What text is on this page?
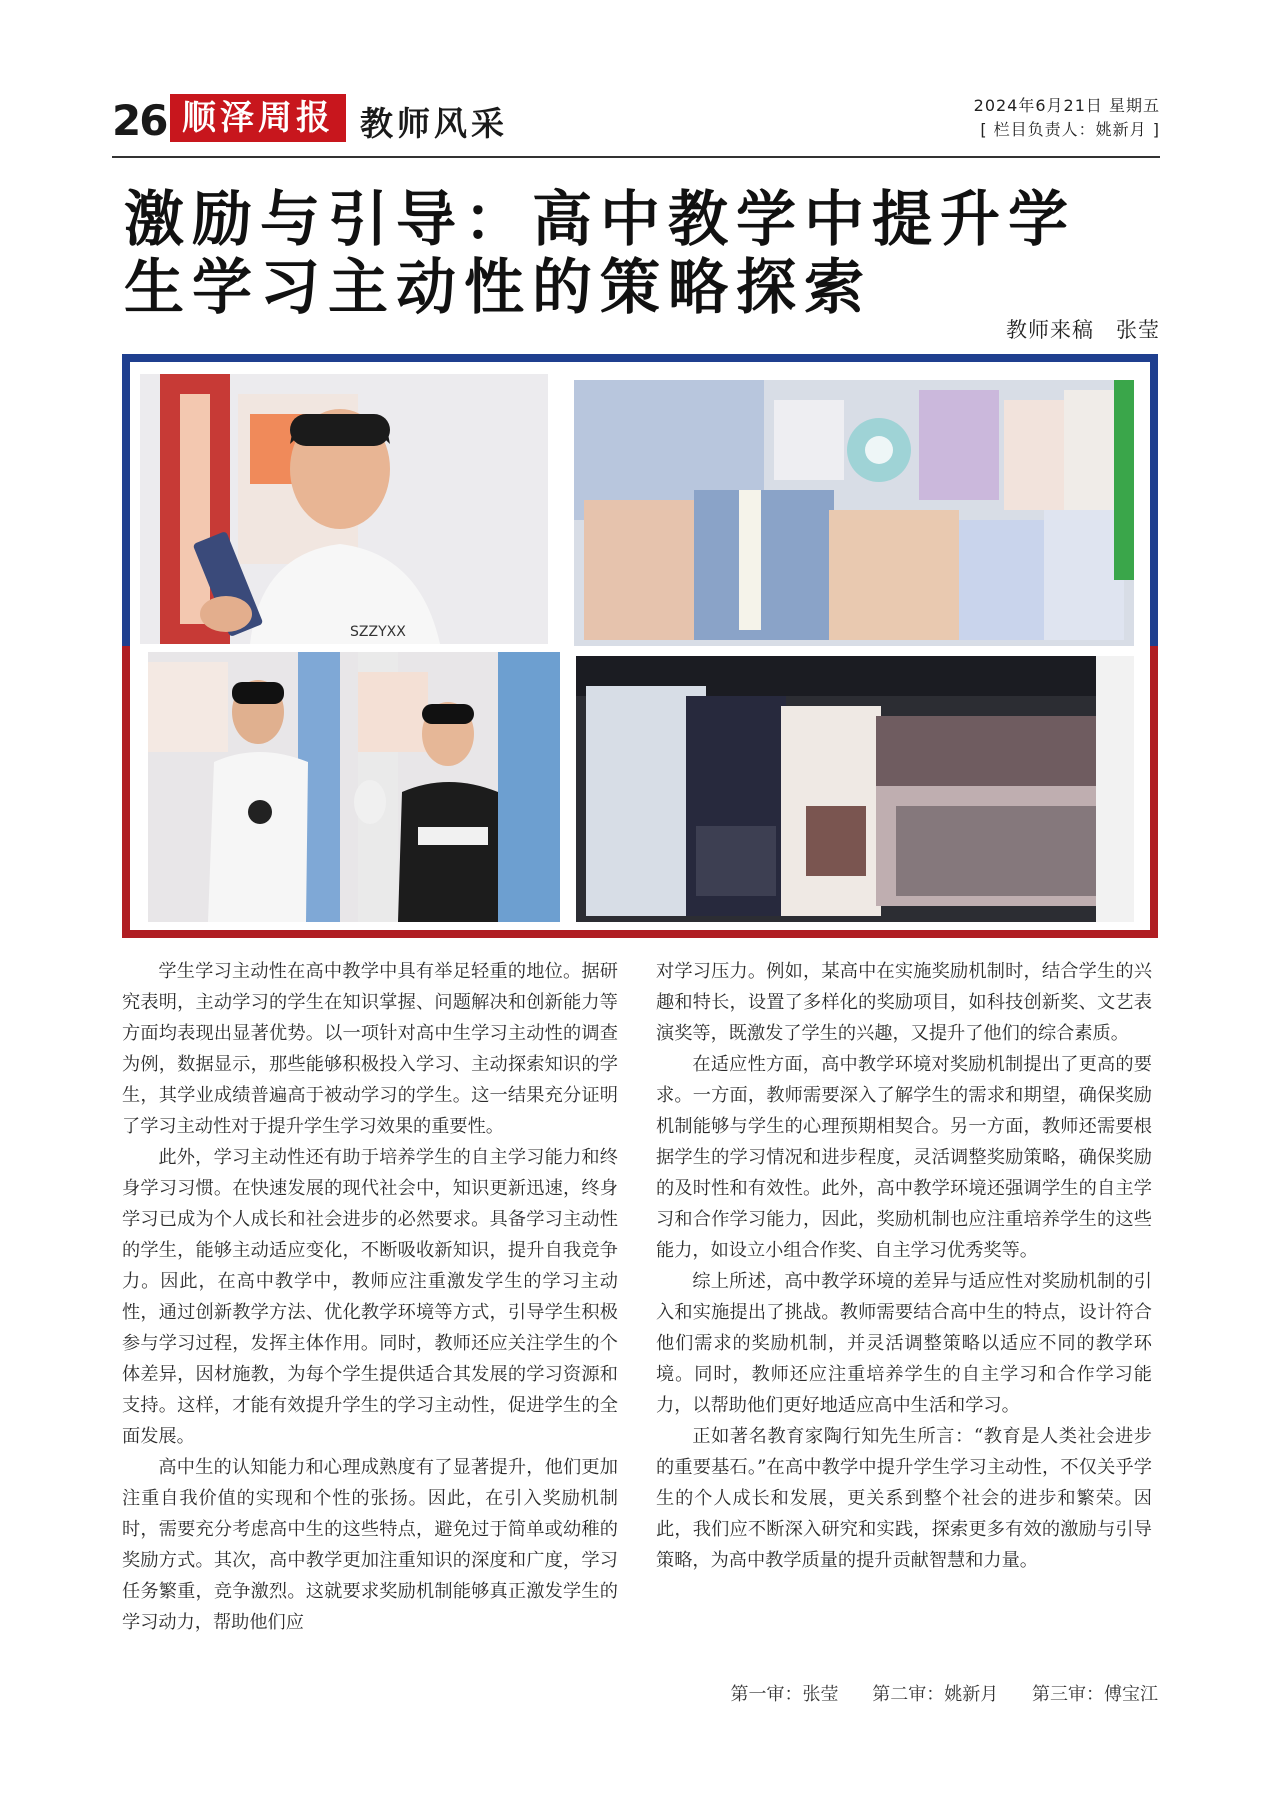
26 顺泽周报 教师风采	2024年6月21日 星期五
[ 栏目负责人：姚新月 ]
激励与引导：高中教学中提升学
生学习主动性的策略探索
教师来稿　张莹
SZZYXX

学生学习主动性在高中教学中具有举足轻重的地位。据研究表明，主动学习的学生在知识掌握、问题解决和创新能力等方面均表现出显著优势。以一项针对高中生学习主动性的调查为例，数据显示，那些能够积极投入学习、主动探索知识的学生，其学业成绩普遍高于被动学习的学生。这一结果充分证明了学习主动性对于提升学生学习效果的重要性。

此外，学习主动性还有助于培养学生的自主学习能力和终身学习习惯。在快速发展的现代社会中，知识更新迅速，终身学习已成为个人成长和社会进步的必然要求。具备学习主动性的学生，能够主动适应变化，不断吸收新知识，提升自我竞争力。因此，在高中教学中，教师应注重激发学生的学习主动性，通过创新教学方法、优化教学环境等方式，引导学生积极参与学习过程，发挥主体作用。同时，教师还应关注学生的个体差异，因材施教，为每个学生提供适合其发展的学习资源和支持。这样，才能有效提升学生的学习主动性，促进学生的全面发展。

高中生的认知能力和心理成熟度有了显著提升，他们更加注重自我价值的实现和个性的张扬。因此，在引入奖励机制时，需要充分考虑高中生的这些特点，避免过于简单或幼稚的奖励方式。其次，高中教学更加注重知识的深度和广度，学习任务繁重，竞争激烈。这就要求奖励机制能够真正激发学生的学习动力，帮助他们应

对学习压力。例如，某高中在实施奖励机制时，结合学生的兴趣和特长，设置了多样化的奖励项目，如科技创新奖、文艺表演奖等，既激发了学生的兴趣，又提升了他们的综合素质。

在适应性方面，高中教学环境对奖励机制提出了更高的要求。一方面，教师需要深入了解学生的需求和期望，确保奖励机制能够与学生的心理预期相契合。另一方面，教师还需要根据学生的学习情况和进步程度，灵活调整奖励策略，确保奖励的及时性和有效性。此外，高中教学环境还强调学生的自主学习和合作学习能力，因此，奖励机制也应注重培养学生的这些能力，如设立小组合作奖、自主学习优秀奖等。

综上所述，高中教学环境的差异与适应性对奖励机制的引入和实施提出了挑战。教师需要结合高中生的特点，设计符合他们需求的奖励机制，并灵活调整策略以适应不同的教学环境。同时，教师还应注重培养学生的自主学习和合作学习能力，以帮助他们更好地适应高中生活和学习。

正如著名教育家陶行知先生所言：“教育是人类社会进步的重要基石。”在高中教学中提升学生学习主动性，不仅关乎学生的个人成长和发展，更关系到整个社会的进步和繁荣。因此，我们应不断深入研究和实践，探索更多有效的激励与引导策略，为高中教学质量的提升贡献智慧和力量。

第一审：张莹 第二审：姚新月 第三审：傅宝江
